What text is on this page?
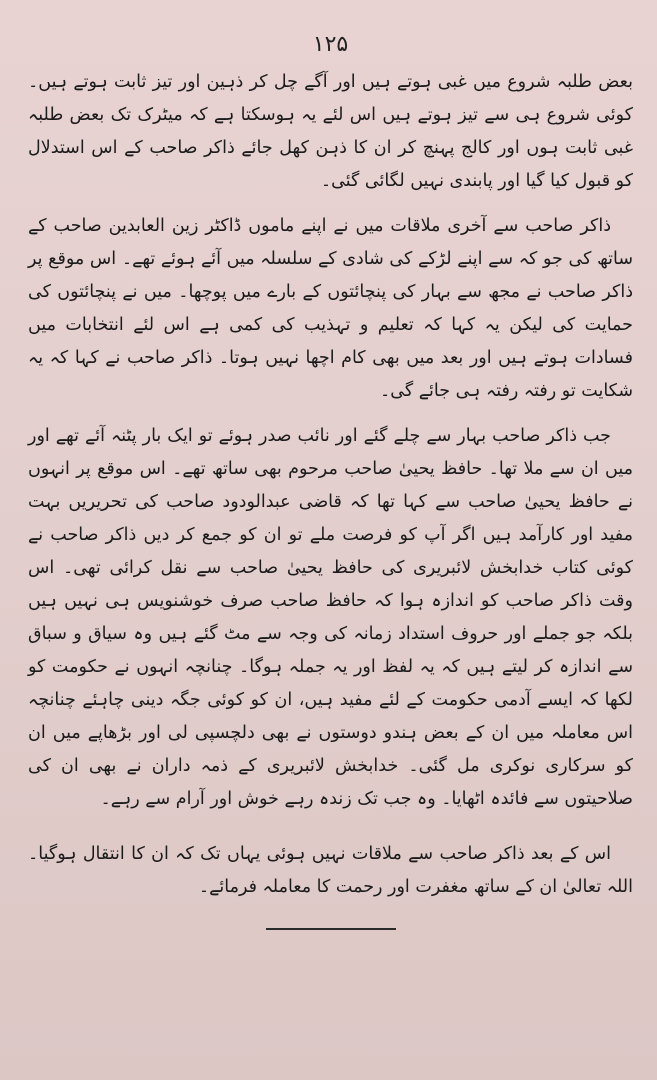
۱۲۵

بعض طلبہ شروع میں غبی ہوتے ہیں اور آگے چل کر ذہین اور تیز ثابت ہوتے ہیں۔ کوئی شروع ہی سے تیز ہوتے ہیں اس لئے یہ ہوسکتا ہے کہ میٹرک تک بعض طلبہ غبی ثابت ہوں اور کالج پہنچ کر ان کا ذہن کھل جائے ذاکر صاحب کے اس استدلال کو قبول کیا گیا اور پابندی نہیں لگائی گئی۔

ذاکر صاحب سے آخری ملاقات میں نے اپنے ماموں ڈاکٹر زین العابدین صاحب کے ساتھ کی جو کہ سے اپنے لڑکے کی شادی کے سلسلہ میں آئے ہوئے تھے۔ اس موقع پر ذاکر صاحب نے مجھ سے بہار کی پنچائتوں کے بارے میں پوچھا۔ میں نے پنچائتوں کی حمایت کی لیکن یہ کہا کہ تعلیم و تہذیب کی کمی ہے اس لئے انتخابات میں فسادات ہوتے ہیں اور بعد میں بھی کام اچھا نہیں ہوتا۔ ذاکر صاحب نے کہا کہ یہ شکایت تو رفتہ رفتہ ہی جائے گی۔

جب ذاکر صاحب بہار سے چلے گئے اور نائب صدر ہوئے تو ایک بار پٹنہ آئے تھے اور میں ان سے ملا تھا۔ حافظ یحییٰ صاحب مرحوم بھی ساتھ تھے۔ اس موقع پر انہوں نے حافظ یحییٰ صاحب سے کہا تھا کہ قاضی عبدالودود صاحب کی تحریریں بہت مفید اور کارآمد ہیں اگر آپ کو فرصت ملے تو ان کو جمع کر دیں ذاکر صاحب نے کوئی کتاب خدابخش لائبریری کی حافظ یحییٰ صاحب سے نقل کرائی تھی۔ اس وقت ذاکر صاحب کو اندازہ ہوا کہ حافظ صاحب صرف خوشنویس ہی نہیں ہیں بلکہ جو جملے اور حروف استداد زمانہ کی وجہ سے مٹ گئے ہیں وہ سیاق و سباق سے اندازہ کر لیتے ہیں کہ یہ لفظ اور یہ جملہ ہوگا۔ چنانچہ انہوں نے حکومت کو لکھا کہ ایسے آدمی حکومت کے لئے مفید ہیں، ان کو کوئی جگہ دینی چاہئے چنانچہ اس معاملہ میں ان کے بعض ہندو دوستوں نے بھی دلچسپی لی اور بڑھاپے میں ان کو سرکاری نوکری مل گئی۔ خدابخش لائبریری کے ذمہ داران نے بھی ان کی صلاحیتوں سے فائدہ اٹھایا۔ وہ جب تک زندہ رہے خوش اور آرام سے رہے۔

اس کے بعد ذاکر صاحب سے ملاقات نہیں ہوئی یہاں تک کہ ان کا انتقال ہوگیا۔ اللہ تعالیٰ ان کے ساتھ مغفرت اور رحمت کا معاملہ فرمائے۔
